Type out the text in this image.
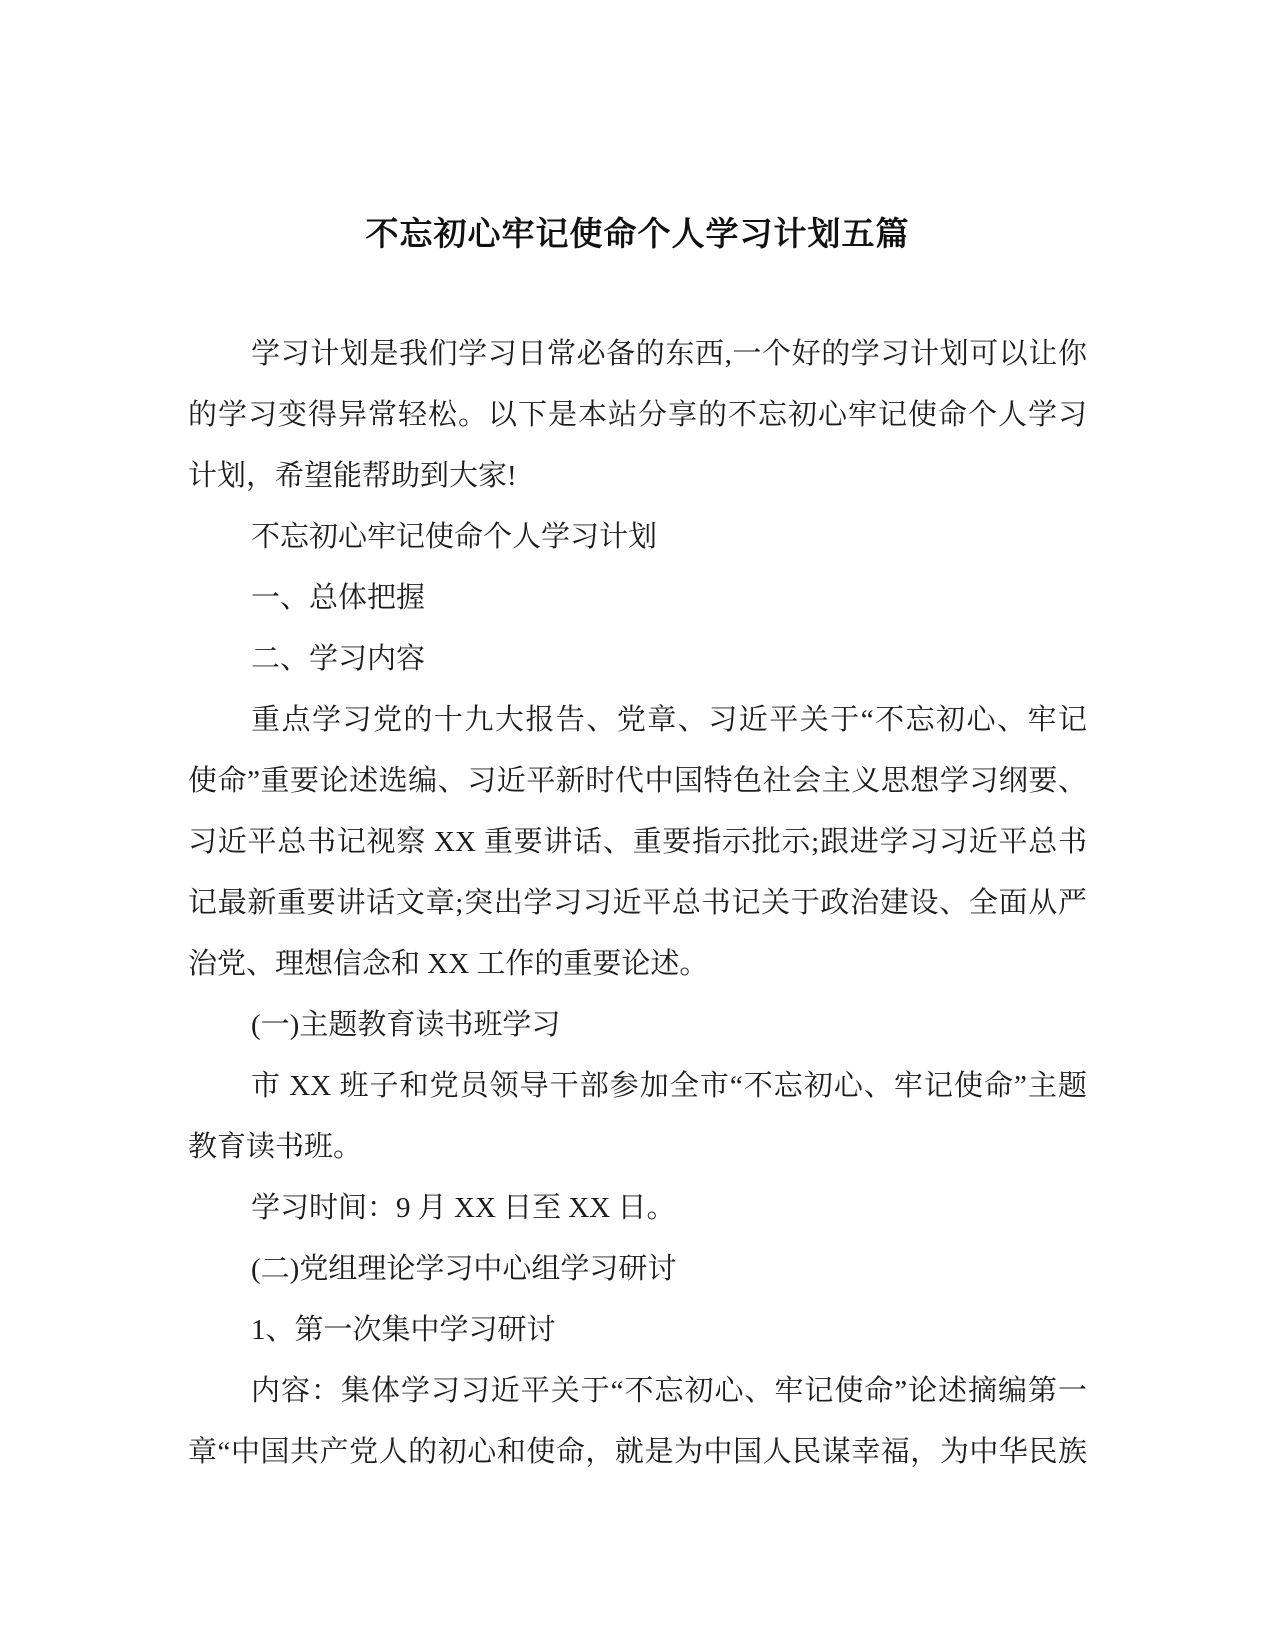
不忘初心牢记使命个人学习计划五篇
学习计划是我们学习日常必备的东西,一个好的学习计划可以让你
的学习变得异常轻松。以下是本站分享的不忘初心牢记使命个人学习
计划，希望能帮助到大家!
不忘初心牢记使命个人学习计划
一、总体把握
二、学习内容
重点学习党的十九大报告、党章、习近平关于“不忘初心、牢记
使命”重要论述选编、习近平新时代中国特色社会主义思想学习纲要、
习近平总书记视察 XX 重要讲话、重要指示批示;跟进学习习近平总书
记最新重要讲话文章;突出学习习近平总书记关于政治建设、全面从严
治党、理想信念和 XX 工作的重要论述。
(一)主题教育读书班学习
市 XX 班子和党员领导干部参加全市“不忘初心、牢记使命”主题
教育读书班。
学习时间：9 月 XX 日至 XX 日。
(二)党组理论学习中心组学习研讨
1、第一次集中学习研讨
内容：集体学习习近平关于“不忘初心、牢记使命”论述摘编第一
章“中国共产党人的初心和使命，就是为中国人民谋幸福，为中华民族
